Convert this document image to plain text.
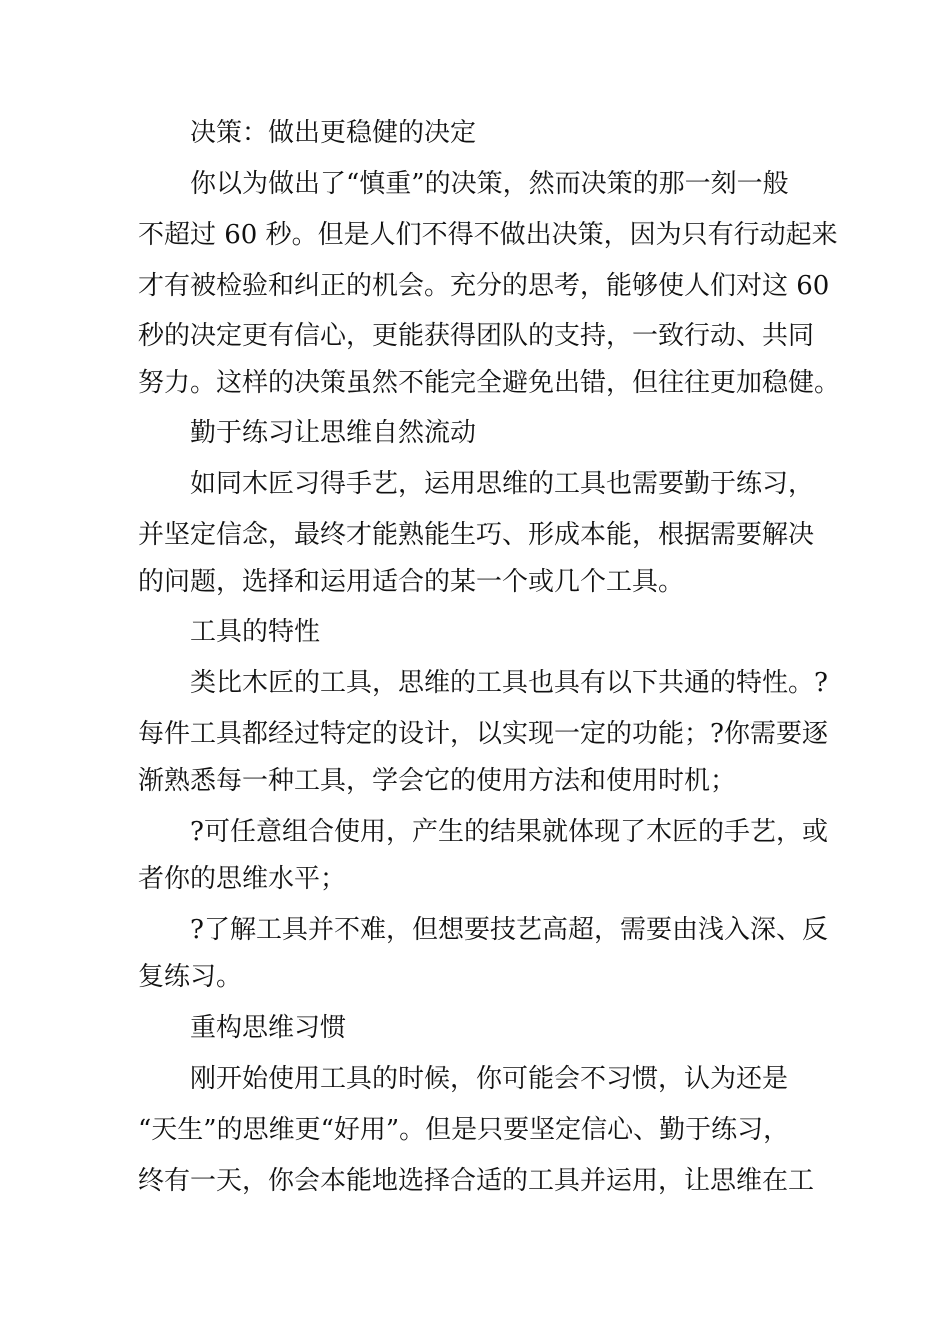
决策：做出更稳健的决定
你以为做出了“慎重”的决策，然而决策的那一刻一般
不超过 60 秒。但是人们不得不做出决策，因为只有行动起来
才有被检验和纠正的机会。充分的思考，能够使人们对这 60
秒的决定更有信心，更能获得团队的支持，一致行动、共同
努力。这样的决策虽然不能完全避免出错，但往往更加稳健。
勤于练习让思维自然流动
如同木匠习得手艺，运用思维的工具也需要勤于练习，
并坚定信念，最终才能熟能生巧、形成本能，根据需要解决
的问题，选择和运用适合的某一个或几个工具。
工具的特性
类比木匠的工具，思维的工具也具有以下共通的特性。?
每件工具都经过特定的设计，以实现一定的功能；?你需要逐
渐熟悉每一种工具，学会它的使用方法和使用时机；
?可任意组合使用，产生的结果就体现了木匠的手艺，或
者你的思维水平；
?了解工具并不难，但想要技艺高超，需要由浅入深、反
复练习。
重构思维习惯
刚开始使用工具的时候，你可能会不习惯，认为还是
“天生”的思维更“好用”。但是只要坚定信心、勤于练习，
终有一天，你会本能地选择合适的工具并运用，让思维在工
